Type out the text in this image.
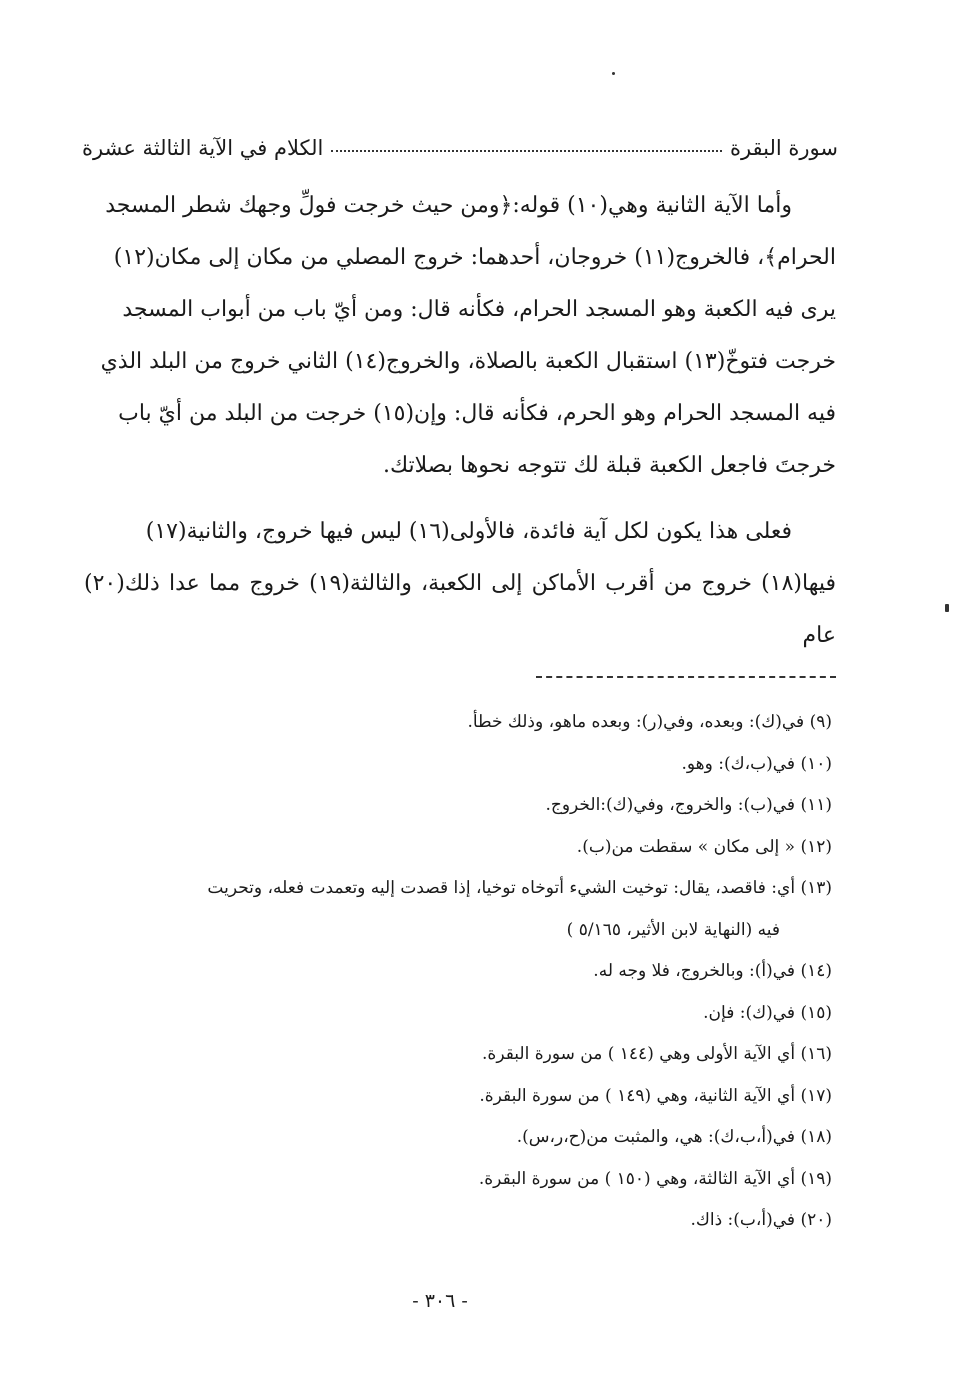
سورة البقرة
الكلام في الآية الثالثة عشرة

وأما الآية الثانية وهي(١٠) قوله:﴿ومن حيث خرجت فولِّ وجهك شطر المسجد

الحرام﴾، فالخروج(١١) خروجان، أحدهما: خروج المصلي من مكان إلى مكان(١٢)

يرى فيه الكعبة وهو المسجد الحرام، فكأنه قال: ومن أيّ باب من أبواب المسجد

خرجت فتوخّ(١٣) استقبال الكعبة بالصلاة، والخروج(١٤) الثاني خروج من البلد الذي

فيه المسجد الحرام وهو الحرم، فكأنه قال: وإن(١٥) خرجت من البلد من أيّ باب

خرجتَ فاجعل الكعبة قبلة لك تتوجه نحوها بصلاتك.

فعلى هذا يكون لكل آية فائدة، فالأولى(١٦) ليس فيها خروج، والثانية(١٧)

فيها(١٨) خروج من أقرب الأماكن إلى الكعبة، والثالثة(١٩) خروج مما عدا ذلك(٢٠) عام

(٩) في(ك): وبعده، وفي(ر): وبعده ماهو، وذلك خطأ.

(١٠) في(ب،ك): وهو.

(١١) في(ب): والخروج، وفي(ك):الخروج.

(١٢) « إلى مكان » سقطت من(ب).

(١٣) أي: فاقصد، يقال: توخيت الشيء أتوخاه توخيا، إذا قصدت إليه وتعمدت فعله، وتحريت

فيه (النهاية لابن الأثير، ٥/١٦٥ )

(١٤) في(أ): وبالخروج، فلا وجه له.

(١٥) في(ك): فإن.

(١٦) أي الآية الأولى وهي (١٤٤ ) من سورة البقرة.

(١٧) أي الآية الثانية، وهي (١٤٩ ) من سورة البقرة.

(١٨) في(أ،ب،ك): هي، والمثبت من(ح،ر،س).

(١٩) أي الآية الثالثة، وهي (١٥٠ ) من سورة البقرة.

(٢٠) في(أ،ب): ذاك.

- ٣٠٦ -
